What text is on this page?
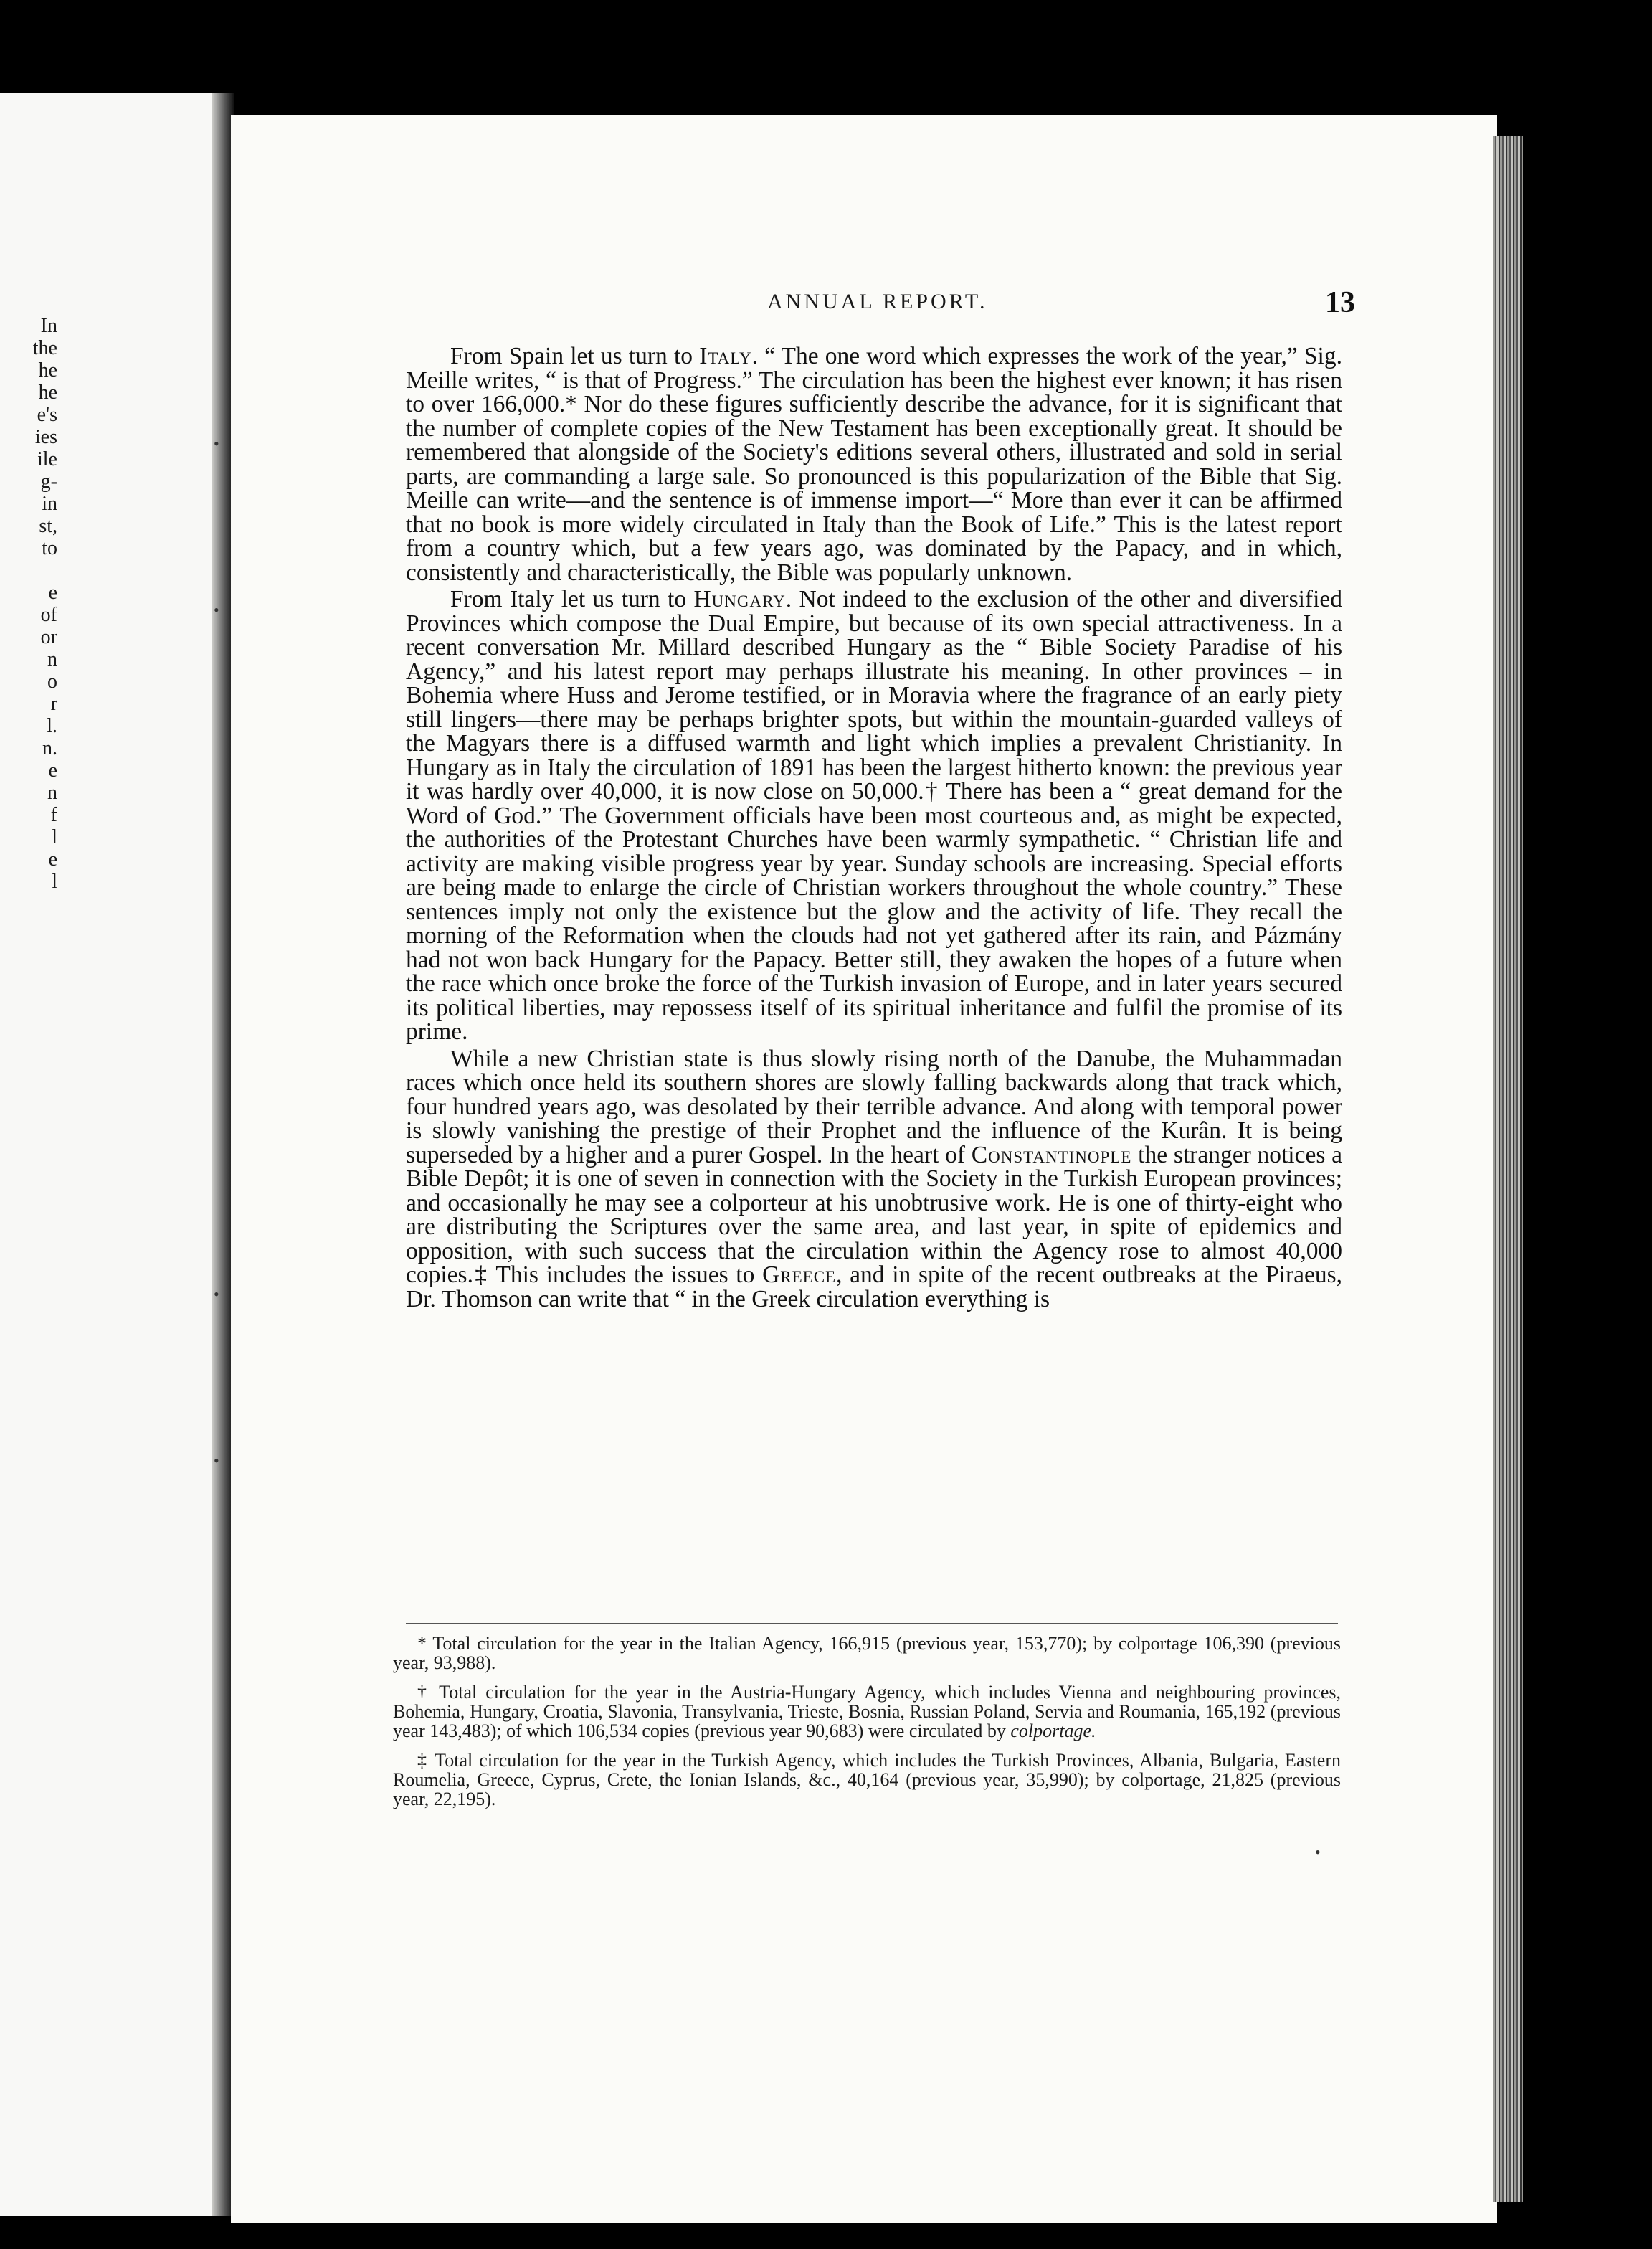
In
the
he
he
e's
ies
ile
g-
in
st,
to
e
of
or
n
o
r
l.
n.
e
n
f
l
e
l
ANNUAL REPORT.	13

From Spain let us turn to Italy. “ The one word which expresses the work of the year,” Sig. Meille writes, “ is that of Progress.” The circulation has been the highest ever known; it has risen to over 166,000.* Nor do these figures sufficiently describe the advance, for it is significant that the number of complete copies of the New Testament has been exceptionally great. It should be remembered that alongside of the Society's editions several others, illustrated and sold in serial parts, are commanding a large sale. So pronounced is this popularization of the Bible that Sig. Meille can write—and the sentence is of immense import—“ More than ever it can be affirmed that no book is more widely circulated in Italy than the Book of Life.” This is the latest report from a country which, but a few years ago, was dominated by the Papacy, and in which, consistently and characteristically, the Bible was popularly unknown.

From Italy let us turn to Hungary. Not indeed to the exclusion of the other and diversified Provinces which compose the Dual Empire, but because of its own special attractiveness. In a recent conversation Mr. Millard described Hungary as the “ Bible Society Paradise of his Agency,” and his latest report may perhaps illustrate his meaning. In other provinces – in Bohemia where Huss and Jerome testified, or in Moravia where the fragrance of an early piety still lingers—there may be perhaps brighter spots, but within the mountain-guarded valleys of the Magyars there is a diffused warmth and light which implies a prevalent Christianity. In Hungary as in Italy the circulation of 1891 has been the largest hitherto known: the previous year it was hardly over 40,000, it is now close on 50,000.† There has been a “ great demand for the Word of God.” The Government officials have been most courteous and, as might be expected, the authorities of the Protestant Churches have been warmly sympathetic. “ Christian life and activity are making visible progress year by year. Sunday schools are increasing. Special efforts are being made to enlarge the circle of Christian workers throughout the whole country.” These sentences imply not only the existence but the glow and the activity of life. They recall the morning of the Reformation when the clouds had not yet gathered after its rain, and Pázmány had not won back Hungary for the Papacy. Better still, they awaken the hopes of a future when the race which once broke the force of the Turkish invasion of Europe, and in later years secured its political liberties, may repossess itself of its spiritual inheritance and fulfil the promise of its prime.

While a new Christian state is thus slowly rising north of the Danube, the Muhammadan races which once held its southern shores are slowly falling backwards along that track which, four hundred years ago, was desolated by their terrible advance. And along with temporal power is slowly vanishing the prestige of their Prophet and the influence of the Kurân. It is being superseded by a higher and a purer Gospel. In the heart of Constantinople the stranger notices a Bible Depôt; it is one of seven in connection with the Society in the Turkish European provinces; and occasionally he may see a colporteur at his unobtrusive work. He is one of thirty-eight who are distributing the Scriptures over the same area, and last year, in spite of epidemics and opposition, with such success that the circulation within the Agency rose to almost 40,000 copies.‡ This includes the issues to Greece, and in spite of the recent outbreaks at the Piraeus, Dr. Thomson can write that “ in the Greek circulation everything is

* Total circulation for the year in the Italian Agency, 166,915 (previous year, 153,770); by colportage 106,390 (previous year, 93,988).

† Total circulation for the year in the Austria-Hungary Agency, which includes Vienna and neighbouring provinces, Bohemia, Hungary, Croatia, Slavonia, Transylvania, Trieste, Bosnia, Russian Poland, Servia and Roumania, 165,192 (previous year 143,483); of which 106,534 copies (previous year 90,683) were circulated by colportage.

‡ Total circulation for the year in the Turkish Agency, which includes the Turkish Provinces, Albania, Bulgaria, Eastern Roumelia, Greece, Cyprus, Crete, the Ionian Islands, &c., 40,164 (previous year, 35,990); by colportage, 21,825 (previous year, 22,195).

•
•
•
•
•
